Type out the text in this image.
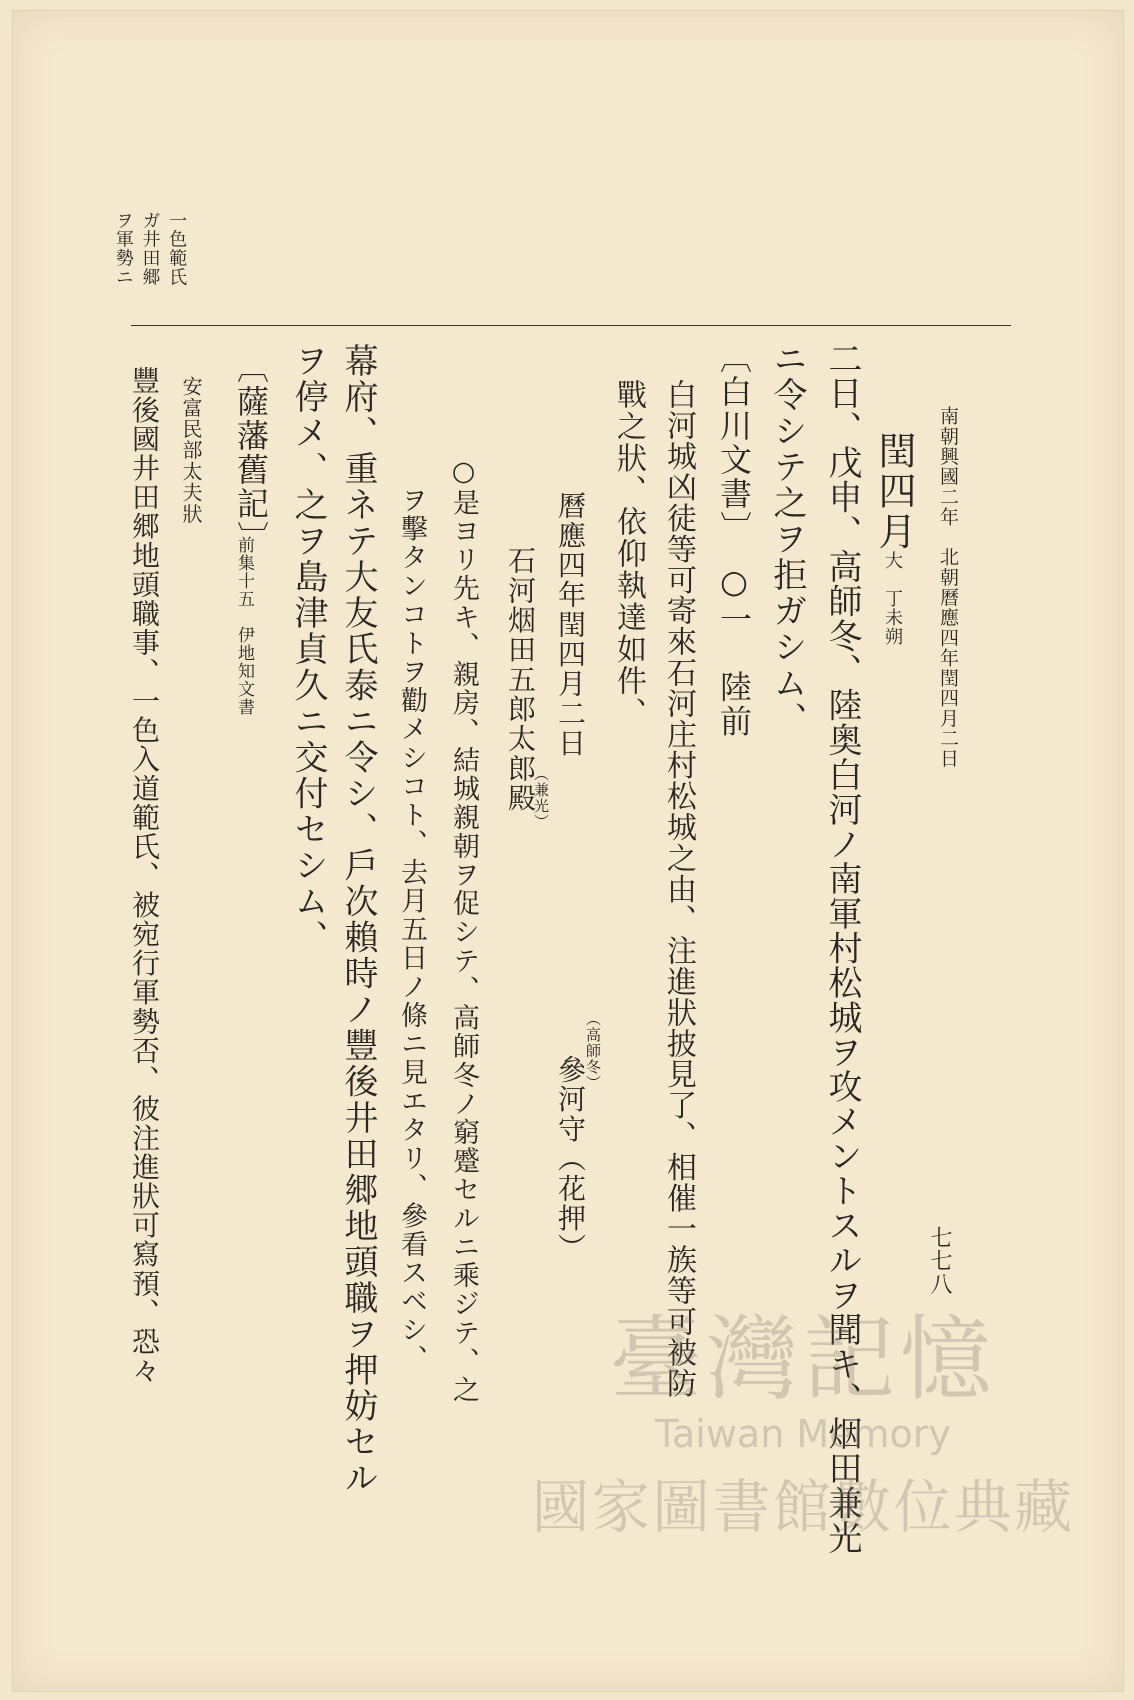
南朝興國二年　北朝曆應四年閏四月二日
七七八
ヲ軍勢ニ ガ井田郷 一色範氏
閏四月
大　丁未朔
二日、戊申、高師冬、陸奥白河ノ南軍村松城ヲ攻メントスルヲ聞キ、烟田兼光
ニ令シテ之ヲ拒ガシム、
〔白川文書〕　○一　陸前
白河城凶徒等可寄來石河庄村松城之由、注進狀披見了、相催一族等可被防
戰之狀、依仰執達如件、
曆應四年閏四月二日　　　　　　　　　　參河守（花押）
（高師冬）
石河烟田五郎太郎殿
（兼光）
○是ヨリ先キ、親房、結城親朝ヲ促シテ、高師冬ノ窮蹙セルニ乘ジテ、之
ヲ擊タンコトヲ勸メシコト、去月五日ノ條ニ見エタリ、參看スベシ、
幕府、重ネテ大友氏泰ニ令シ、戶次賴時ノ豐後井田郷地頭職ヲ押妨セル
ヲ停メ、之ヲ島津貞久ニ交付セシム、
〔薩藩舊記〕
前集十五　伊地知文書
安富民部太夫狀
豐後國井田郷地頭職事、一色入道範氏、被宛行軍勢否、彼注進狀可寫預、恐々	臺灣記憶
Taiwan Memory
國家圖書館數位典藏
